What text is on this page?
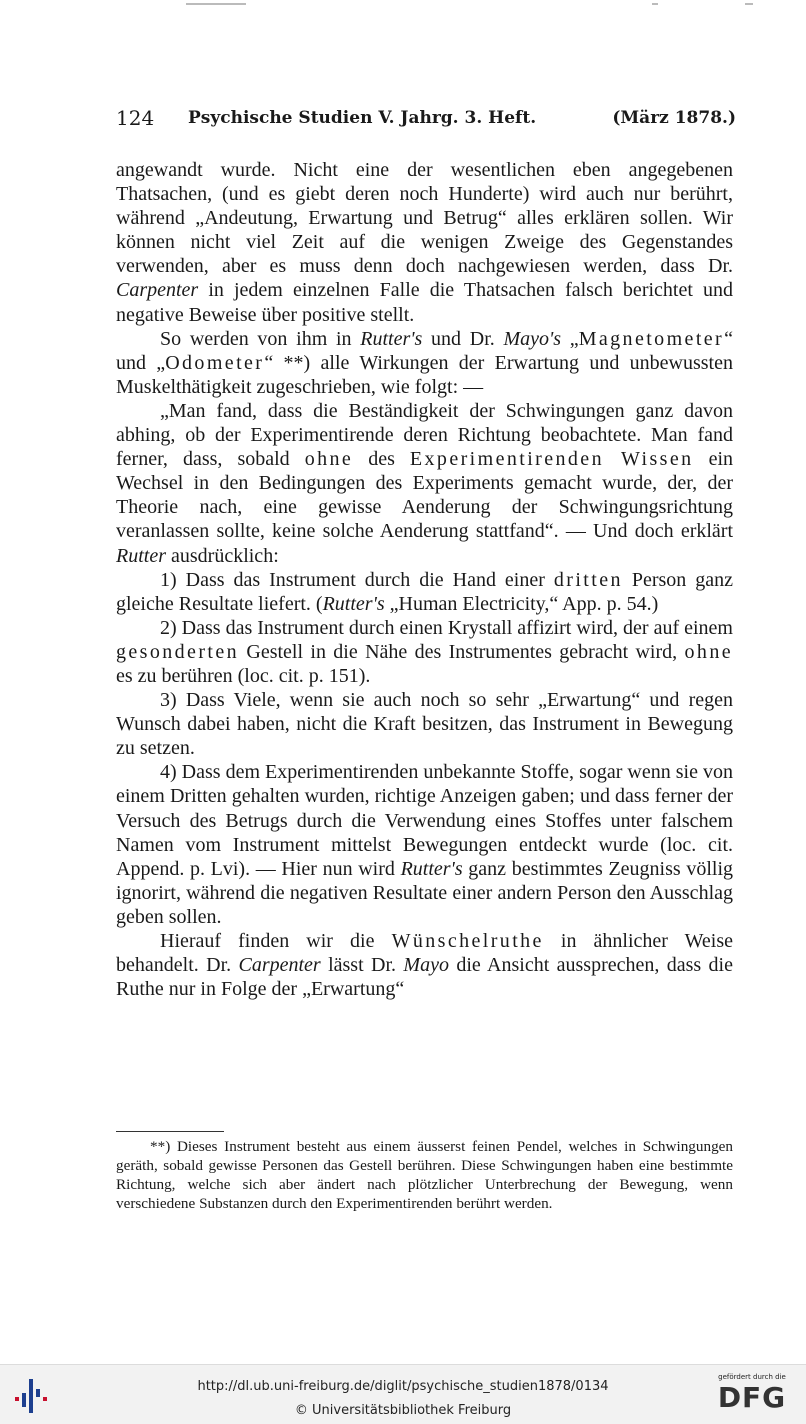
124 Psychische Studien V. Jahrg. 3. Heft.	(März 1878.)

angewandt wurde. Nicht eine der wesentlichen eben angegebenen Thatsachen, (und es giebt deren noch Hunderte) wird auch nur berührt, während „Andeutung, Erwartung und Betrug“ alles erklären sollen. Wir können nicht viel Zeit auf die wenigen Zweige des Gegenstandes verwenden, aber es muss denn doch nachgewiesen werden, dass Dr. Carpenter in jedem einzelnen Falle die Thatsachen falsch berichtet und negative Beweise über positive stellt.

So werden von ihm in Rutter's und Dr. Mayo's „Magnetometer“ und „Odometer“ **) alle Wirkungen der Erwartung und unbewussten Muskelthätigkeit zugeschrieben, wie folgt: —

„Man fand, dass die Beständigkeit der Schwingungen ganz davon abhing, ob der Experimentirende deren Richtung beobachtete. Man fand ferner, dass, sobald ohne des Experimentirenden Wissen ein Wechsel in den Bedingungen des Experiments gemacht wurde, der, der Theorie nach, eine gewisse Aenderung der Schwingungsrichtung veranlassen sollte, keine solche Aenderung stattfand“. — Und doch erklärt Rutter ausdrücklich:

1) Dass das Instrument durch die Hand einer dritten Person ganz gleiche Resultate liefert. (Rutter's „Human Electricity,“ App. p. 54.)

2) Dass das Instrument durch einen Krystall affizirt wird, der auf einem gesonderten Gestell in die Nähe des Instrumentes gebracht wird, ohne es zu berühren (loc. cit. p. 151).

3) Dass Viele, wenn sie auch noch so sehr „Erwartung“ und regen Wunsch dabei haben, nicht die Kraft besitzen, das Instrument in Bewegung zu setzen.

4) Dass dem Experimentirenden unbekannte Stoffe, sogar wenn sie von einem Dritten gehalten wurden, richtige Anzeigen gaben; und dass ferner der Versuch des Betrugs durch die Verwendung eines Stoffes unter falschem Namen vom Instrument mittelst Bewegungen entdeckt wurde (loc. cit. Append. p. Lvi). — Hier nun wird Rutter's ganz bestimmtes Zeugniss völlig ignorirt, während die negativen Resultate einer andern Person den Ausschlag geben sollen.

Hierauf finden wir die Wünschelruthe in ähnlicher Weise behandelt. Dr. Carpenter lässt Dr. Mayo die Ansicht aussprechen, dass die Ruthe nur in Folge der „Erwartung“

**) Dieses Instrument besteht aus einem äusserst feinen Pendel, welches in Schwingungen geräth, sobald gewisse Personen das Gestell berühren. Diese Schwingungen haben eine bestimmte Richtung, welche sich aber ändert nach plötzlicher Unterbrechung der Bewegung, wenn verschiedene Substanzen durch den Experimentirenden berührt werden.

http://dl.ub.uni-freiburg.de/diglit/psychische_studien1878/0134
© Universitätsbibliothek Freiburg
gefördert durch die
DFG
